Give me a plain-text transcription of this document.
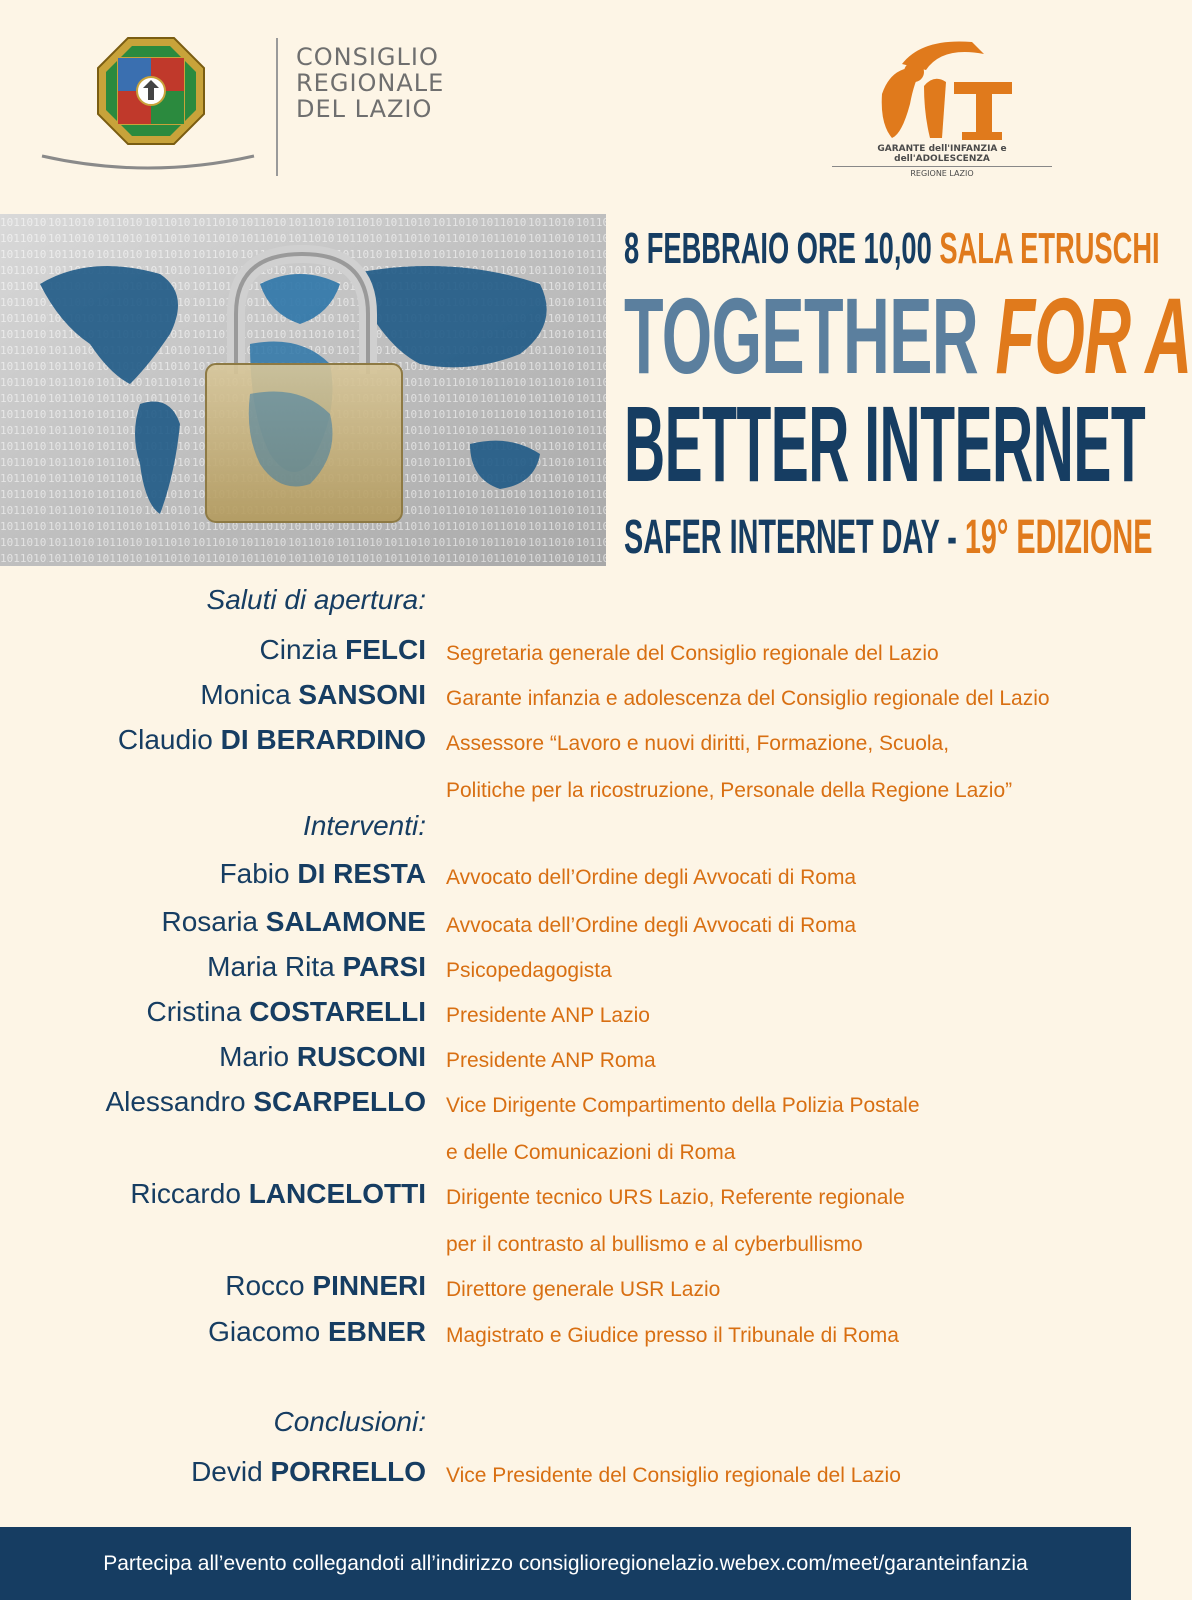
CONSIGLIO
REGIONALE
DEL LAZIO
GARANTE dell'INFANZIA e dell'ADOLESCENZA
REGIONE LAZIO
8 FEBBRAIO ORE 10,00 SALA ETRUSCHI
TOGETHER FOR A
BETTER INTERNET
SAFER INTERNET DAY - 19° EDIZIONE
Saluti di apertura:
Cinzia FELCI Segretaria generale del Consiglio regionale del Lazio
Monica SANSONI Garante infanzia e adolescenza del Consiglio regionale del Lazio
Claudio DI BERARDINO Assessore “Lavoro e nuovi diritti, Formazione, Scuola,
Politiche per la ricostruzione, Personale della Regione Lazio”
Interventi:
Fabio DI RESTA Avvocato dell’Ordine degli Avvocati di Roma
Rosaria SALAMONE Avvocata dell’Ordine degli Avvocati di Roma
Maria Rita PARSI Psicopedagogista
Cristina COSTARELLI Presidente ANP Lazio
Mario RUSCONI Presidente ANP Roma
Alessandro SCARPELLO Vice Dirigente Compartimento della Polizia Postale
e delle Comunicazioni di Roma
Riccardo LANCELOTTI Dirigente tecnico URS Lazio, Referente regionale
per il contrasto al bullismo e al cyberbullismo
Rocco PINNERI Direttore generale USR Lazio
Giacomo EBNER Magistrato e Giudice presso il Tribunale di Roma
Conclusioni:
Devid PORRELLO Vice Presidente del Consiglio regionale del Lazio
Partecipa all’evento collegandoti all’indirizzo consiglioregionelazio.webex.com/meet/garanteinfanzia
